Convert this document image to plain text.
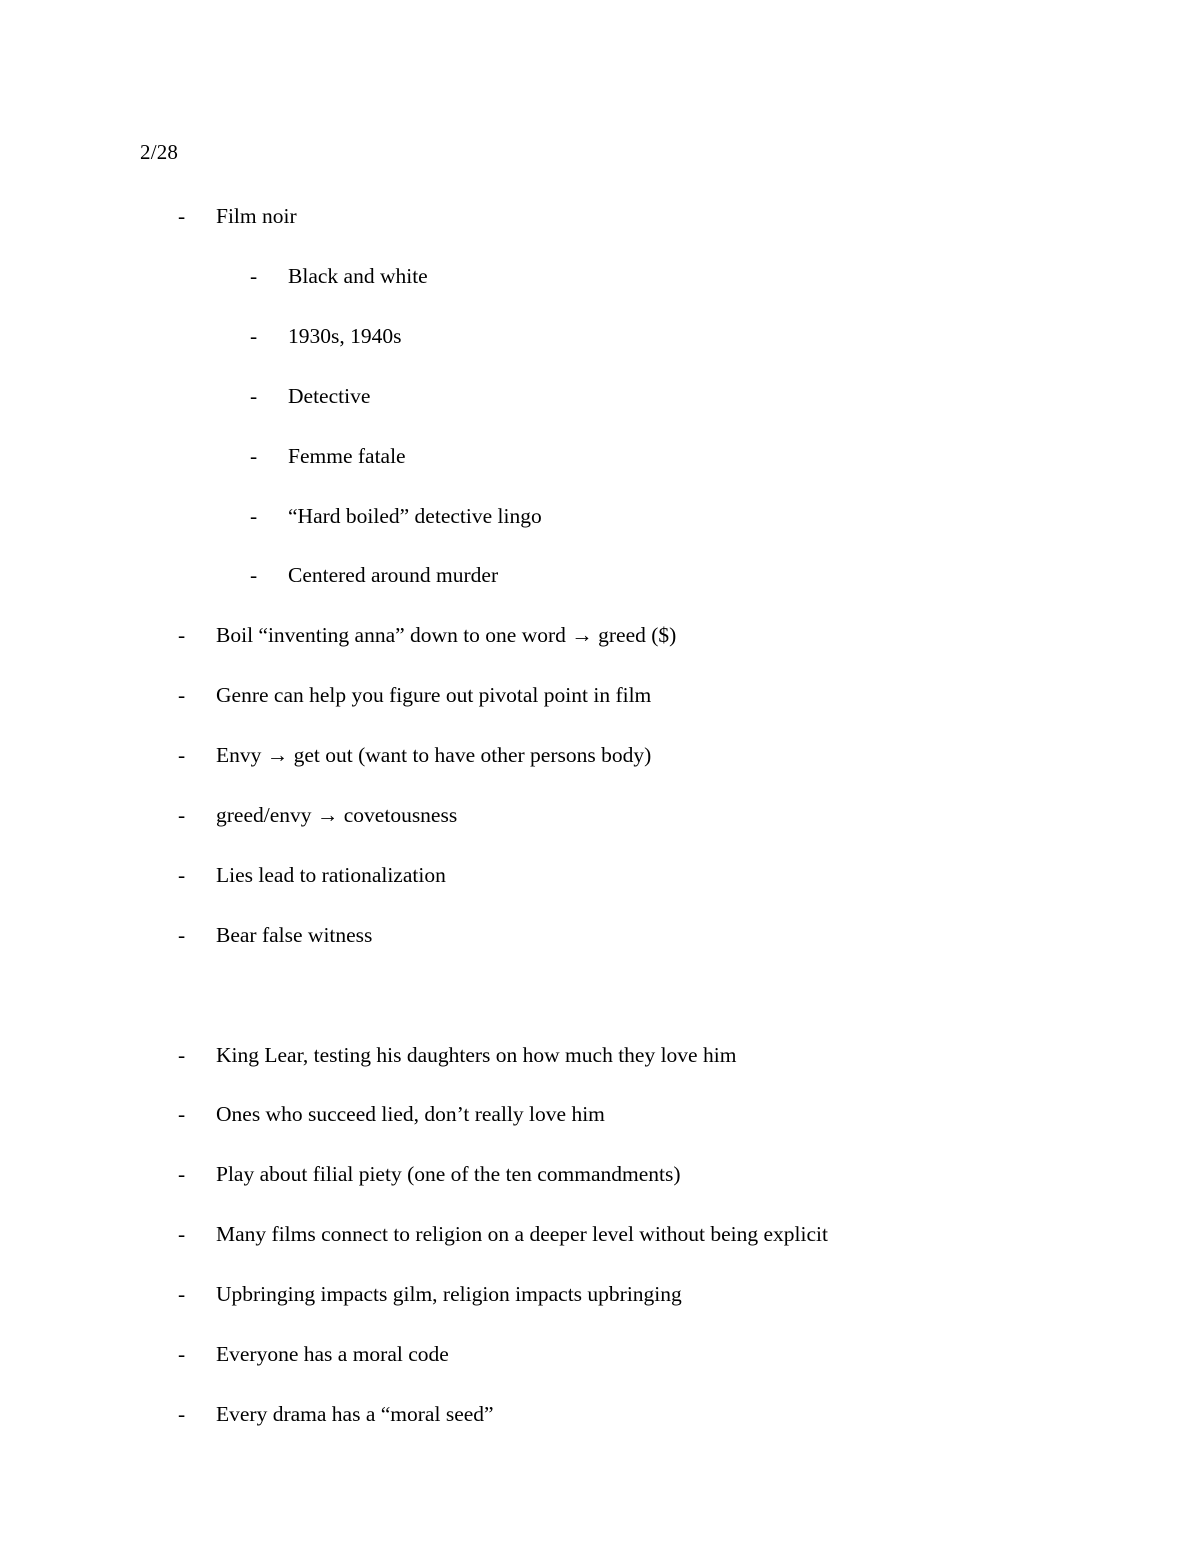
2/28
-	Film noir
-	Black and white
-	1930s, 1940s
-	Detective
-	Femme fatale
-	“Hard boiled” detective lingo
-	Centered around murder
-	Boil “inventing anna” down to one word → greed ($)
-	Genre can help you figure out pivotal point in film
-	Envy → get out (want to have other persons body)
-	greed/envy → covetousness
-	Lies lead to rationalization
-	Bear false witness
-	King Lear, testing his daughters on how much they love him
-	Ones who succeed lied, don’t really love him
-	Play about filial piety (one of the ten commandments)
-	Many films connect to religion on a deeper level without being explicit
-	Upbringing impacts gilm, religion impacts upbringing
-	Everyone has a moral code
-	Every drama has a “moral seed”
